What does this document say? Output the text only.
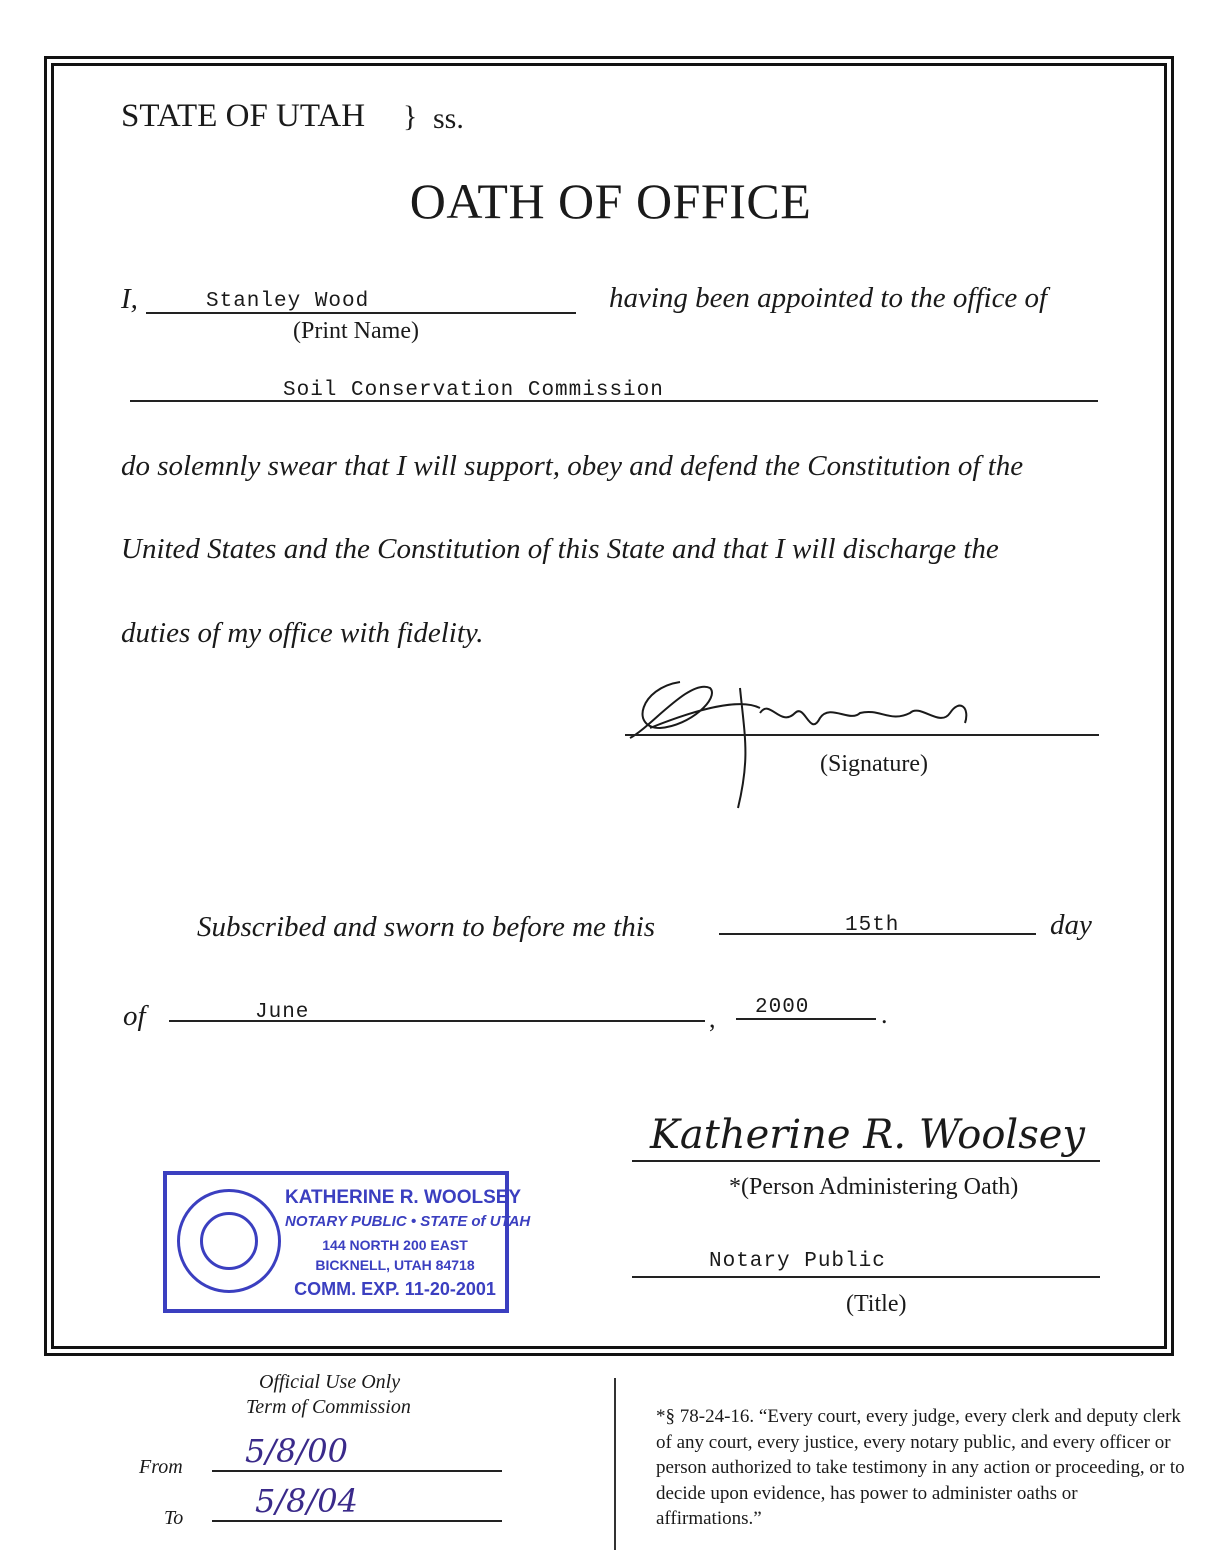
STATE OF UTAH } ss.
OATH OF OFFICE
I,	Stanley Wood
(Print Name)
having been appointed to the office of
Soil Conservation Commission
do solemnly swear that I will support, obey and defend the Constitution of the
United States and the Constitution of this State and that I will discharge the
duties of my office with fidelity.
(Signature)
Subscribed and sworn to before me this	15th	day
of	June	, 2000	.
Katherine R. Woolsey
*(Person Administering Oath)
Notary Public
(Title)
KATHERINE R. WOOLSEY
NOTARY PUBLIC • STATE of UTAH
144 NORTH 200 EAST
BICKNELL, UTAH 84718
COMM. EXP. 11-20-2001
Official Use Only
Term of Commission
From 5/8/00
To 5/8/04
*§ 78-24-16. “Every court, every judge, every clerk and deputy clerk of any court, every justice, every notary public, and every officer or person authorized to take testimony in any action or proceeding, or to decide upon evidence, has power to administer oaths or affirmations.”
